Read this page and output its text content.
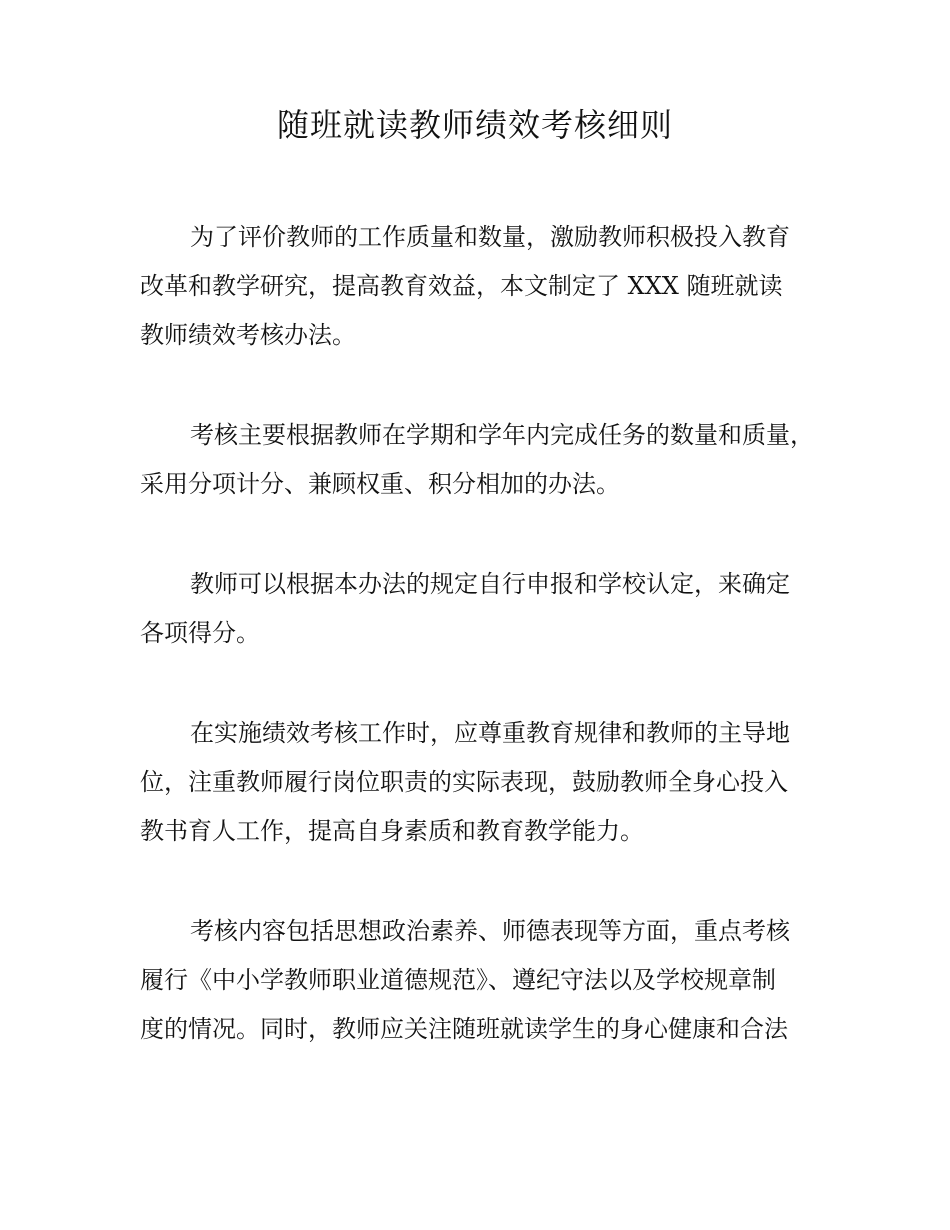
随班就读教师绩效考核细则
为了评价教师的工作质量和数量，激励教师积极投入教育
改革和教学研究，提高教育效益，本文制定了 XXX 随班就读
教师绩效考核办法。
考核主要根据教师在学期和学年内完成任务的数量和质量，
采用分项计分、兼顾权重、积分相加的办法。
教师可以根据本办法的规定自行申报和学校认定，来确定
各项得分。
在实施绩效考核工作时，应尊重教育规律和教师的主导地
位，注重教师履行岗位职责的实际表现，鼓励教师全身心投入
教书育人工作，提高自身素质和教育教学能力。
考核内容包括思想政治素养、师德表现等方面，重点考核
履行《中小学教师职业道德规范》、遵纪守法以及学校规章制
度的情况。同时，教师应关注随班就读学生的身心健康和合法
